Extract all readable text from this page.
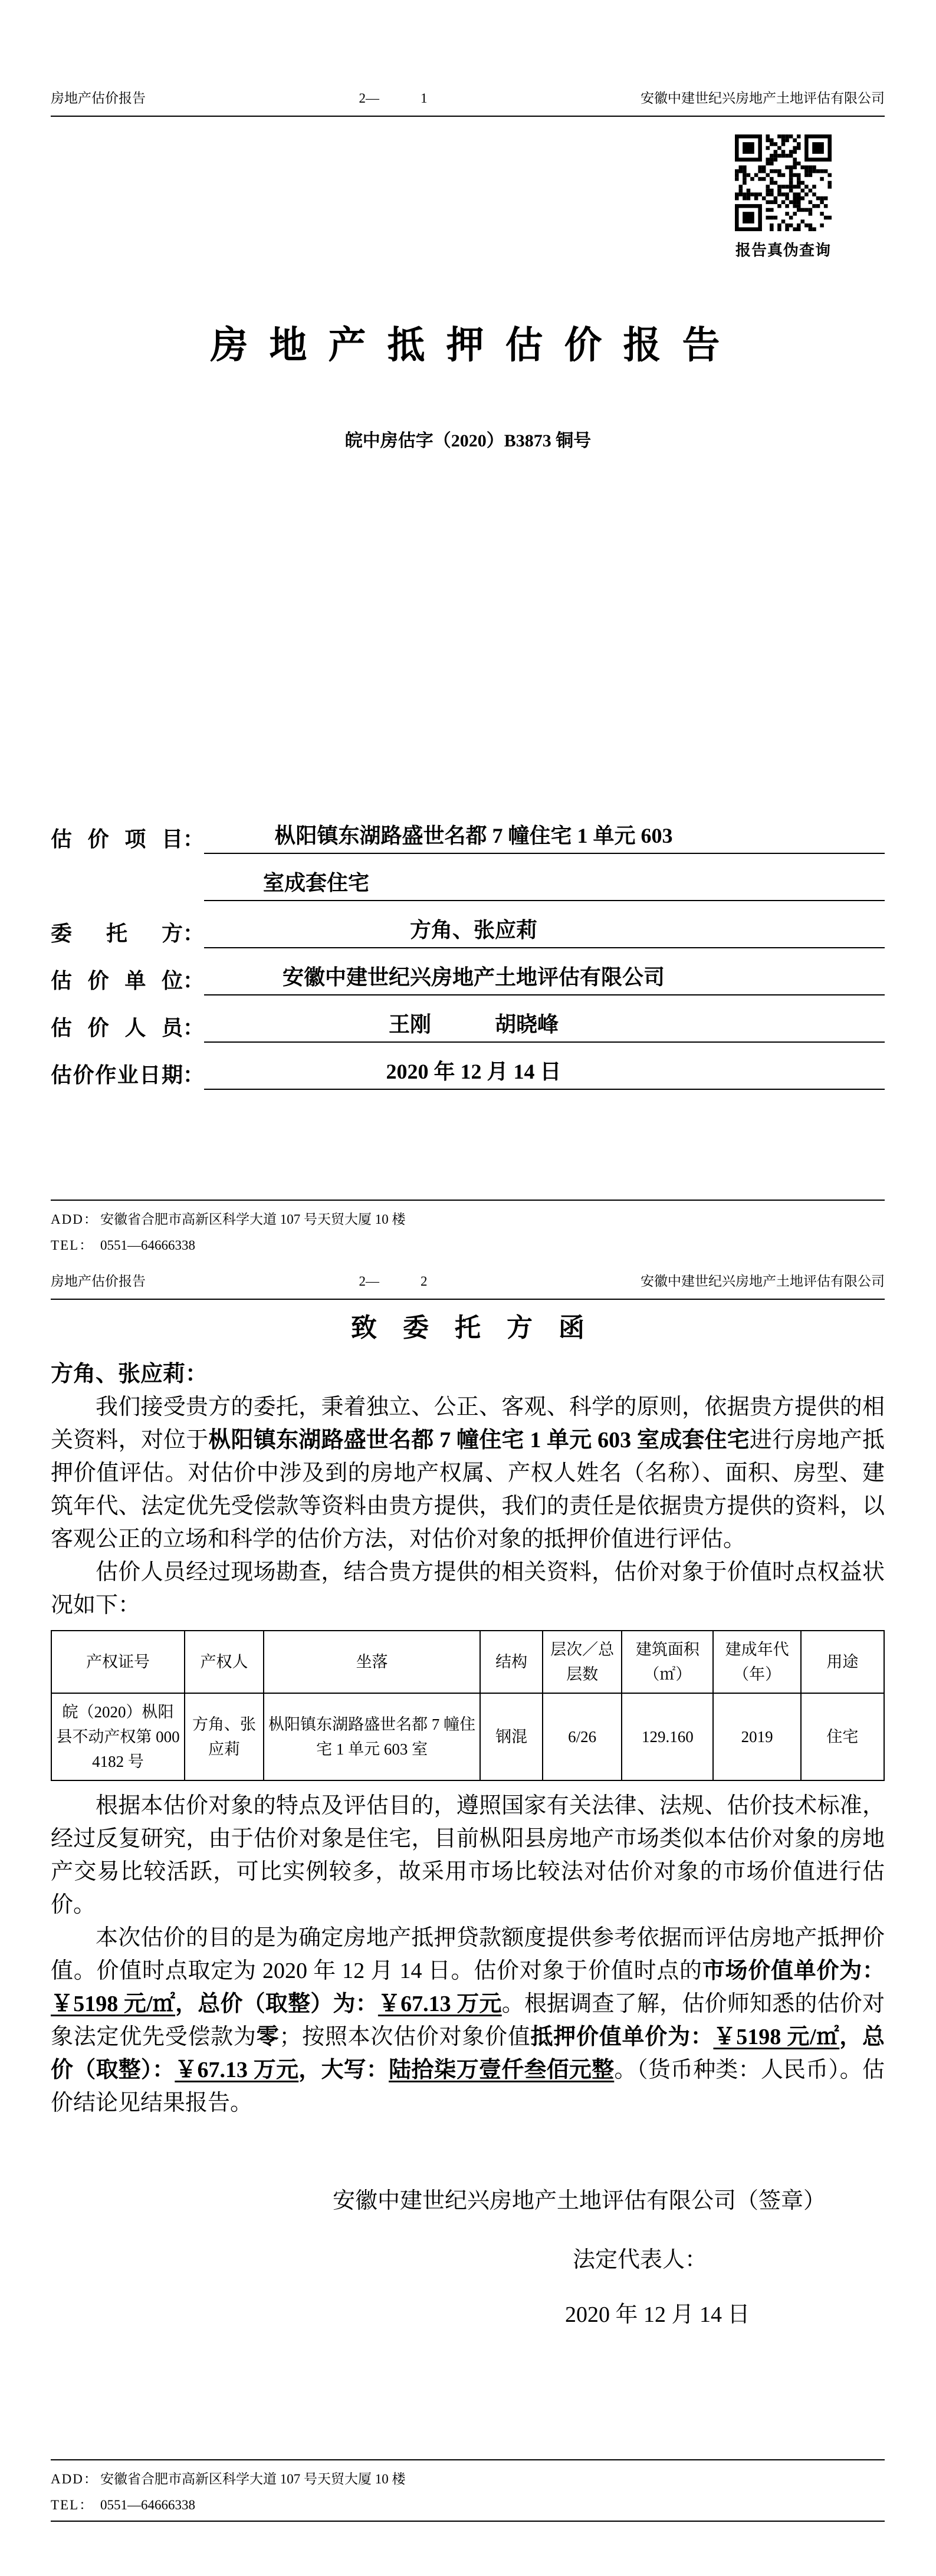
房地产估价报告	2—	1	安徽中建世纪兴房地产土地评估有限公司
报告真伪查询
房 地 产 抵 押 估 价 报 告
皖中房估字（2020）B3873 铜号
估价项目 ：	枞阳镇东湖路盛世名都 7 幢住宅 1 单元 603
室成套住宅
委托方 ：	方角、张应莉
估价单位 ：	安徽中建世纪兴房地产土地评估有限公司
估价人员 ：	王刚　　　胡晓峰
估价作业日期 ：	2020 年 12 月 14 日
ADD： 安徽省合肥市高新区科学大道 107 号天贸大厦 10 楼
TEL： 0551—64666338
房地产估价报告	2—	2	安徽中建世纪兴房地产土地评估有限公司
致　委　托　方　函
方角、张应莉：

我们接受贵方的委托，秉着独立、公正、客观、科学的原则，依据贵方提供的相关资料，对位于枞阳镇东湖路盛世名都 7 幢住宅 1 单元 603 室成套住宅进行房地产抵押价值评估。对估价中涉及到的房地产权属、产权人姓名（名称）、面积、房型、建筑年代、法定优先受偿款等资料由贵方提供，我们的责任是依据贵方提供的资料，以客观公正的立场和科学的估价方法，对估价对象的抵押价值进行评估。

估价人员经过现场勘查，结合贵方提供的相关资料，估价对象于价值时点权益状况如下：

产权证号	产权人	坐落	结构	层次／总层数	建筑面积（㎡）	建成年代（年）	用途
皖（2020）枞阳县不动产权第 0004182 号	方角、张应莉	枞阳镇东湖路盛世名都 7 幢住宅 1 单元 603 室	钢混	6/26	129.160	2019	住宅

根据本估价对象的特点及评估目的，遵照国家有关法律、法规、估价技术标准，经过反复研究，由于估价对象是住宅，目前枞阳县房地产市场类似本估价对象的房地产交易比较活跃，可比实例较多，故采用市场比较法对估价对象的市场价值进行估价。

本次估价的目的是为确定房地产抵押贷款额度提供参考依据而评估房地产抵押价值。价值时点取定为 2020 年 12 月 14 日。估价对象于价值时点的市场价值单价为：￥5198 元/㎡，总价（取整）为：￥67.13 万元。根据调查了解，估价师知悉的估价对象法定优先受偿款为零；按照本次估价对象价值抵押价值单价为：￥5198 元/㎡，总价（取整）：￥67.13 万元，大写：陆拾柒万壹仟叁佰元整。（货币种类：人民币）。估价结论见结果报告。

安徽中建世纪兴房地产土地评估有限公司（签章）
法定代表人：
2020 年 12 月 14 日
ADD： 安徽省合肥市高新区科学大道 107 号天贸大厦 10 楼
TEL： 0551—64666338
